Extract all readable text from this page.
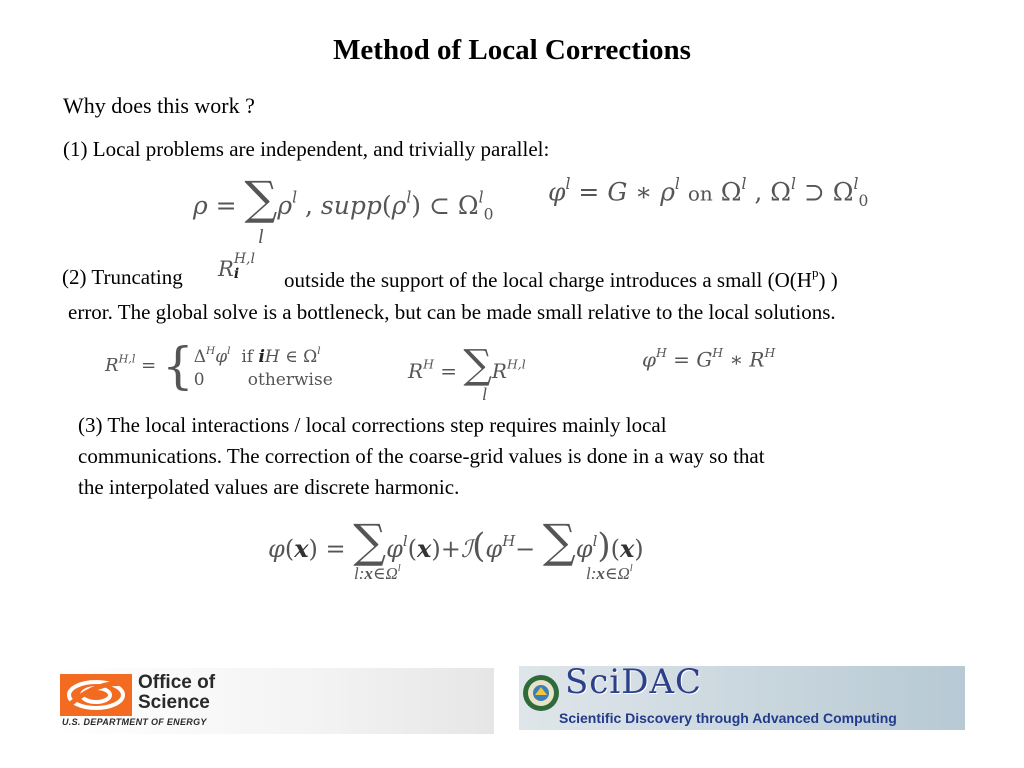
Method of Local Corrections
Why does this work ?
(1) Local problems are independent, and trivially parallel:
$\rho = \sum\rho^l$ , $supp(\rho^l)$ ⊂ $\Omega^l_0$
l
$\varphi^l = G$ ∗ $\rho^l$ on $\Omega^l$ , $\Omega^l$ ⊃ $\Omega^l_0$
(2) Truncating R H,l
i	outside the support of the local charge introduces a small ($O(H^p)$ )
error. The global solve is a bottleneck, but can be made small relative to the local solutions.
$R^{H,l} = \{\Delta^H\varphi^l$ if iH ∈ $\Omega^l$
0        otherwise	$R^H = \sum R^{H,l}$
l
$\varphi^H = G^H$ ∗ $R^H$
(3) The local interactions / local corrections step requires mainly local
communications. The correction of the coarse-grid values is done in a way so that
the interpolated values are discrete harmonic.
$\varphi(x) = \sum\varphi^l(x)+ℐ(\varphi^H- \sum\varphi^l)(x)$
$l:x\in\Omega^l$	$l:x\in\Omega^l$
Office of
Science
U.S. DEPARTMENT OF ENERGY
SciDAC
Scientific Discovery through Advanced Computing
